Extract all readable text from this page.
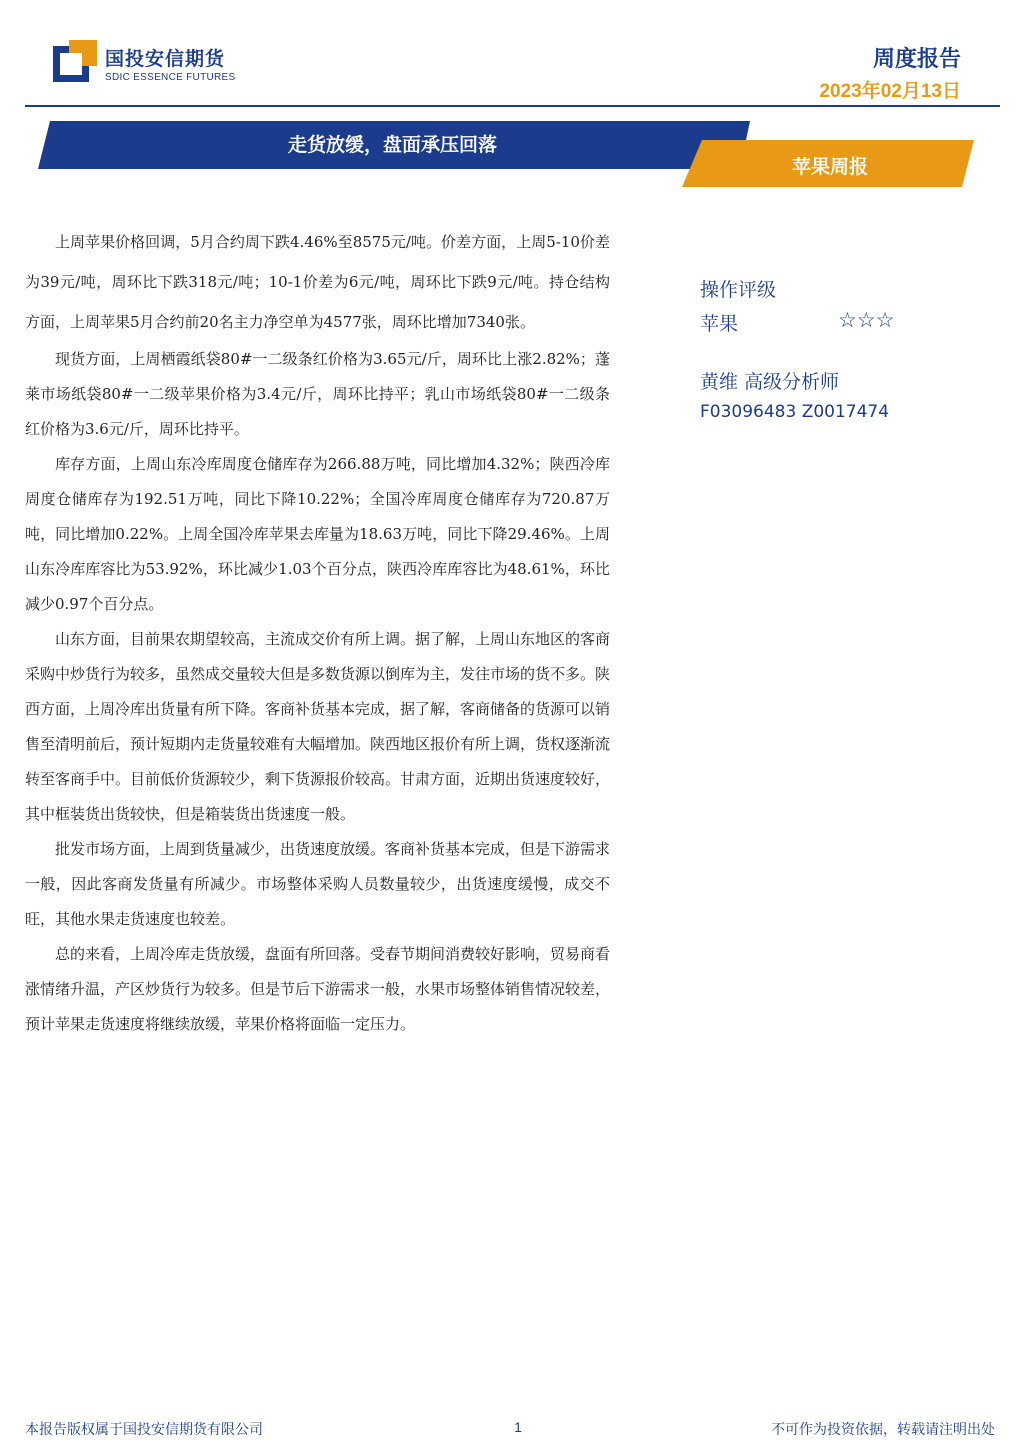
国投安信期货
SDIC ESSENCE FUTURES
周度报告
2023年02月13日
走货放缓，盘面承压回落
苹果周报

上周苹果价格回调，5月合约周下跌4.46%至8575元/吨。价差方面，上周5-10价差为39元/吨，周环比下跌318元/吨；10-1价差为6元/吨，周环比下跌9元/吨。持仓结构方面，上周苹果5月合约前20名主力净空单为4577张，周环比增加7340张。

现货方面，上周栖霞纸袋80#一二级条红价格为3.65元/斤，周环比上涨2.82%；蓬莱市场纸袋80#一二级苹果价格为3.4元/斤，周环比持平；乳山市场纸袋80#一二级条红价格为3.6元/斤，周环比持平。

库存方面，上周山东冷库周度仓储库存为266.88万吨，同比增加4.32%；陕西冷库周度仓储库存为192.51万吨，同比下降10.22%；全国冷库周度仓储库存为720.87万吨，同比增加0.22%。上周全国冷库苹果去库量为18.63万吨，同比下降29.46%。上周山东冷库库容比为53.92%，环比减少1.03个百分点，陕西冷库库容比为48.61%，环比减少0.97个百分点。

山东方面，目前果农期望较高，主流成交价有所上调。据了解，上周山东地区的客商采购中炒货行为较多，虽然成交量较大但是多数货源以倒库为主，发往市场的货不多。陕西方面，上周冷库出货量有所下降。客商补货基本完成，据了解，客商储备的货源可以销售至清明前后，预计短期内走货量较难有大幅增加。陕西地区报价有所上调，货权逐渐流转至客商手中。目前低价货源较少，剩下货源报价较高。甘肃方面，近期出货速度较好，其中框装货出货较快，但是箱装货出货速度一般。

批发市场方面，上周到货量减少，出货速度放缓。客商补货基本完成，但是下游需求一般，因此客商发货量有所减少。市场整体采购人员数量较少，出货速度缓慢，成交不旺，其他水果走货速度也较差。

总的来看，上周冷库走货放缓，盘面有所回落。受春节期间消费较好影响，贸易商看涨情绪升温，产区炒货行为较多。但是节后下游需求一般，水果市场整体销售情况较差，预计苹果走货速度将继续放缓，苹果价格将面临一定压力。

操作评级
苹果	☆☆☆
黄维 高级分析师
F03096483 Z0017474
本报告版权属于国投安信期货有限公司	1	不可作为投资依据，转载请注明出处
